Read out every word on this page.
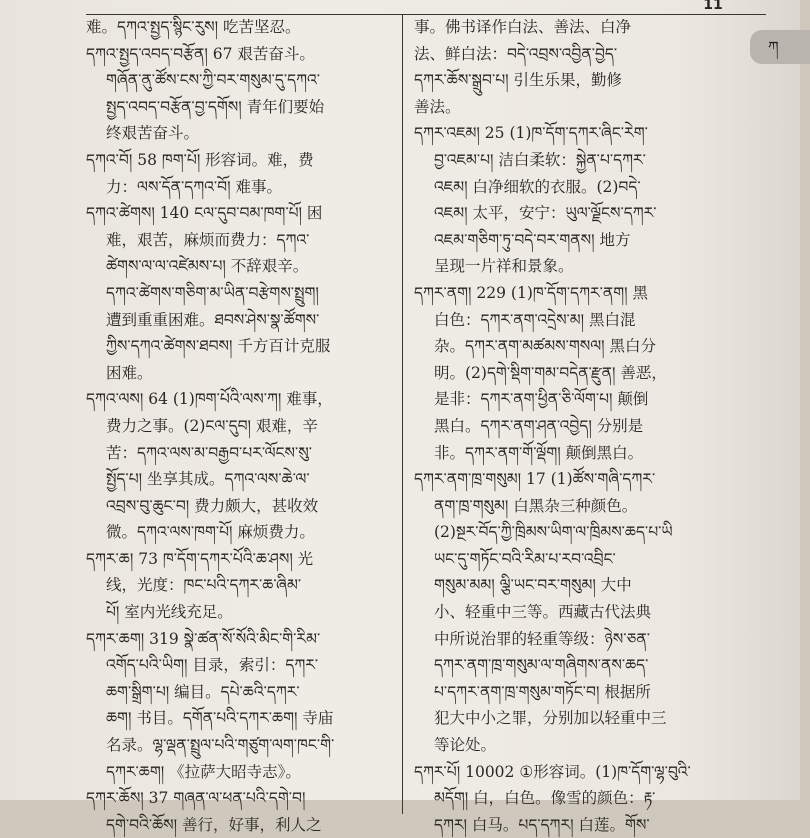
11
ཀ
难。དཀའ་སྤྱད་སྙིང་རུས། 吃苦坚忍。
དཀའ་སྤྱད་འབད་བརྩོན། 67 艰苦奋斗。
གཞོན་ནུ་ཚོས་ངས་ཀྱི་བར་གསུམ་དུ་དཀའ་
སྤྱད་འབད་བརྩོན་བྱ་དགོས། 青年们要始
终艰苦奋斗。
དཀའ་བོ། 58 ཁག་པོ། 形容词。难，费
力：ལས་དོན་དཀའ་བོ། 难事。
དཀའ་ཚེགས། 140 ངལ་དུབ་བམ་ཁག་པོ། 困
难，艰苦，麻烦而费力：དཀའ་
ཚེགས་ལ་ལ་འཛེམས་པ། 不辞艰辛。
དཀའ་ཚེགས་གཅིག་མ་ཡིན་བརྩེགས་སྤྲུག།
遭到重重困难。ཐབས་ཤེས་སྣ་ཚོགས་
ཀྱིས་དཀའ་ཚེགས་ཐབས། 千方百计克服
困难。
དཀའ་ལས། 64 (1)ཁག་པོའི་ལས་ཀ། 难事，
费力之事。(2)ངལ་དུབ། 艰难，辛
苦：དཀའ་ལས་མ་བརྒྱབ་པར་ལོངས་སུ་
སྤྱོད་པ། 坐享其成。དཀའ་ལས་ཆེ་ལ་
འབྲས་བུ་ཆུང་བ། 费力颇大，甚收效
微。དཀའ་ལས་ཁག་པོ། 麻烦费力。
དཀར་ཆ། 73 ཁ་དོག་དཀར་པོའི་ཆ་ཤས། 光
线，光度：ཁང་པའི་དཀར་ཆ་ཞིམ་
པོ། 室内光线充足。
དཀར་ཆག། 319 སྣེ་ཚན་སོ་སོའི་མིང་གི་རིམ་
འགོད་པའི་ཡིག། 目录，索引：དཀར་
ཆག་སྒྲིག་པ། 编目。དཔེ་ཆའི་དཀར་
ཆག། 书目。དགོན་པའི་དཀར་ཆག། 寺庙
名录。ལྷ་ལྡན་སྤྲུལ་པའི་གཙུག་ལག་ཁང་གི་
དཀར་ཆག། 《拉萨大昭寺志》。
དཀར་ཆོས། 37 གཞན་ལ་ཕན་པའི་དགེ་བ།
དགེ་བའི་ཆོས། 善行，好事，利人之
事。佛书译作白法、善法、白净
法、鲜白法：བདེ་འབྲས་འབྱིན་བྱེད་
དཀར་ཆོས་སྒྲུབ་པ། 引生乐果，勤修
善法。
དཀར་འཇམ། 25 (1)ཁ་དོག་དཀར་ཞིང་རེག་
བྱ་འཇམ་པ། 洁白柔软：སྐྱེན་པ་དཀར་
འཇམ། 白净细软的衣服。(2)བདེ་
འཇམ། 太平，安宁：ཡུལ་ལྗོངས་དཀར་
འཇམ་གཅིག་ཏུ་བདེ་བར་གནས། 地方
呈现一片祥和景象。
དཀར་ནག། 229 (1)ཁ་དོག་དཀར་ནག། 黑
白色：དཀར་ནག་འདྲེས་མ། 黑白混
杂。དཀར་ནག་མཚམས་གསལ། 黑白分
明。(2)དགེ་སྡིག་གམ་བདེན་རྫུན། 善恶，
是非：དཀར་ནག་ཕྱིན་ཅི་ལོག་པ། 颠倒
黑白。དཀར་ནག་ཤན་འབྱེད། 分别是
非。དཀར་ནག་གོ་ལྡོག། 颠倒黑白。
དཀར་ནག་ཁྲ་གསུམ། 17 (1)ཚོས་གཞི་དཀར་
ནག་ཁྲ་གསུམ། 白黑杂三种颜色。
(2)སྔར་བོད་ཀྱི་ཁྲིམས་ཡིག་ལ་ཁྲིམས་ཆད་པ་ཡི
ཡང་དུ་གཏོང་བའི་རིམ་པ་རབ་འབྲིང་
གསུམ་མམ། ལྕི་ཡང་བར་གསུམ། 大中
小、轻重中三等。西藏古代法典
中所说治罪的轻重等级：ཉེས་ཅན་
དཀར་ནག་ཁྲ་གསུམ་ལ་གཞིགས་ནས་ཆད་
པ་དཀར་ནག་ཁྲ་གསུམ་གཏོང་བ། 根据所
犯大中小之罪，分别加以轻重中三
等论处。
དཀར་པོ། 10002 ①形容词。(1)ཁ་དོག་ལྷ་བུའི་
མདོག། 白，白色。像雪的颜色：རྟ་
དཀར། 白马。པད་དཀར། 白莲。གོས་
